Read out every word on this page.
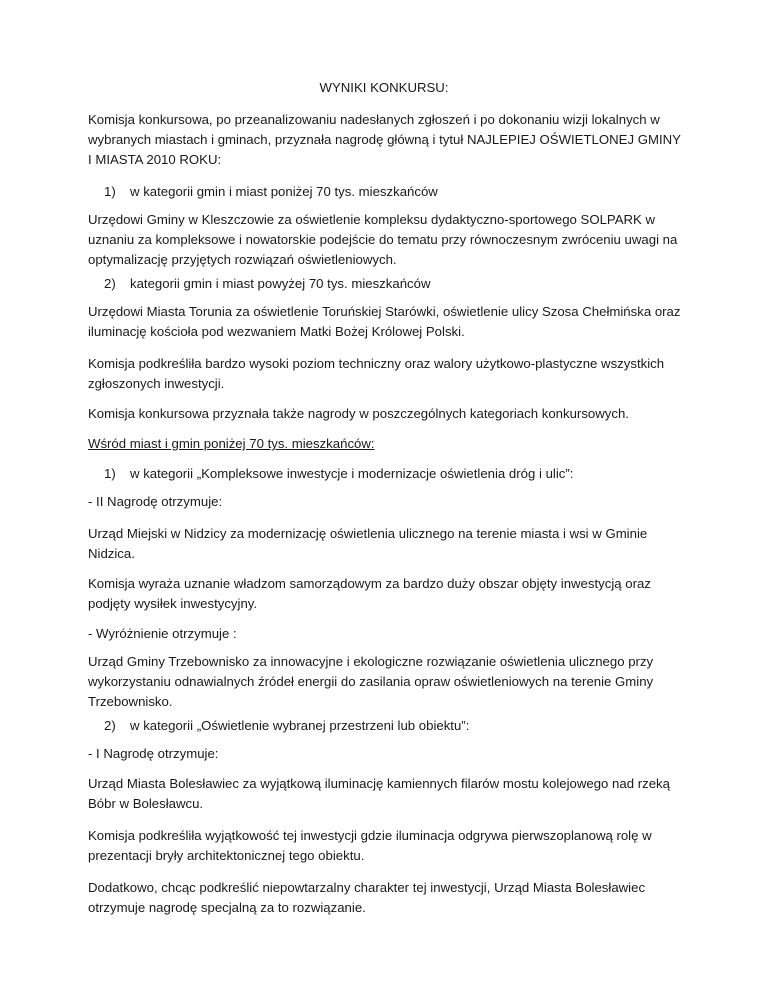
WYNIKI KONKURSU:

Komisja konkursowa, po przeanalizowaniu nadesłanych zgłoszeń i po dokonaniu wizji lokalnych w wybranych miastach i gminach, przyznała nagrodę główną i tytuł NAJLEPIEJ OŚWIETLONEJ GMINY I MIASTA 2010 ROKU:

1) w kategorii gmin i miast poniżej 70 tys. mieszkańców

Urzędowi Gminy w Kleszczowie za oświetlenie kompleksu dydaktyczno-sportowego SOLPARK w uznaniu za kompleksowe i nowatorskie podejście do tematu przy równoczesnym zwróceniu uwagi na optymalizację przyjętych rozwiązań oświetleniowych.

2) kategorii gmin i miast powyżej 70 tys. mieszkańców

Urzędowi Miasta Torunia za oświetlenie Toruńskiej Starówki, oświetlenie ulicy Szosa Chełmińska oraz iluminację kościoła pod wezwaniem Matki Bożej Królowej Polski.

Komisja podkreśliła bardzo wysoki poziom techniczny oraz walory użytkowo-plastyczne wszystkich zgłoszonych inwestycji.

Komisja konkursowa przyznała także nagrody w poszczególnych kategoriach konkursowych.

Wśród miast i gmin poniżej 70 tys. mieszkańców:

1) w kategorii „Kompleksowe inwestycje i modernizacje oświetlenia dróg i ulic”:

- II Nagrodę otrzymuje:

Urząd Miejski w Nidzicy za modernizację oświetlenia ulicznego na terenie miasta i wsi w Gminie Nidzica.

Komisja wyraża uznanie władzom samorządowym za bardzo duży obszar objęty inwestycją oraz podjęty wysiłek inwestycyjny.

- Wyróżnienie otrzymuje :

Urząd Gminy Trzebownisko za innowacyjne i ekologiczne rozwiązanie oświetlenia ulicznego przy wykorzystaniu odnawialnych źródeł energii do zasilania opraw oświetleniowych na terenie Gminy Trzebownisko.

2) w kategorii „Oświetlenie wybranej przestrzeni lub obiektu”:

- I Nagrodę otrzymuje:

Urząd Miasta Bolesławiec za wyjątkową iluminację kamiennych filarów mostu kolejowego nad rzeką Bóbr w Bolesławcu.

Komisja podkreśliła wyjątkowość tej inwestycji gdzie iluminacja odgrywa pierwszoplanową rolę w prezentacji bryły architektonicznej tego obiektu.

Dodatkowo, chcąc podkreślić niepowtarzalny charakter tej inwestycji, Urząd Miasta Bolesławiec otrzymuje nagrodę specjalną za to rozwiązanie.
